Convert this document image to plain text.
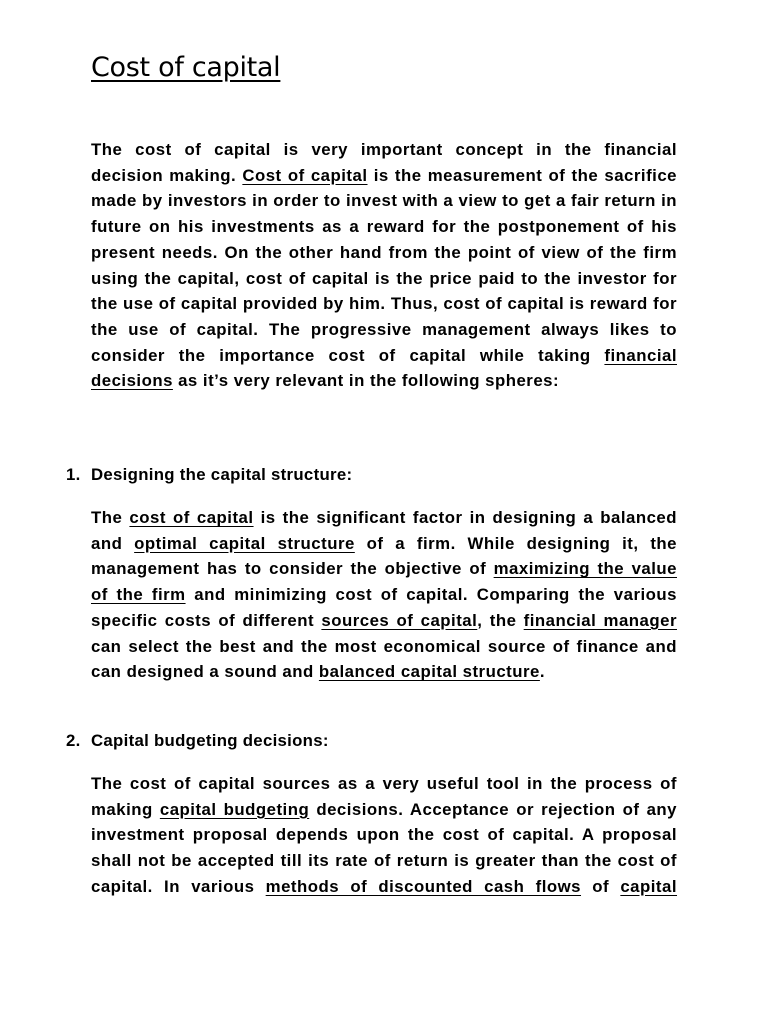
Cost of capital

The cost of capital is very important concept in the financial decision making. Cost of capital is the measurement of the sacrifice made by investors in order to invest with a view to get a fair return in future on his investments as a reward for the postponement of his present needs. On the other hand from the point of view of the firm using the capital, cost of capital is the price paid to the investor for the use of capital provided by him. Thus, cost of capital is reward for the use of capital. The progressive management always likes to consider the importance cost of capital while taking financial decisions as it’s very relevant in the following spheres:

1. Designing the capital structure:

The cost of capital is the significant factor in designing a balanced and optimal capital structure of a firm. While designing it, the management has to consider the objective of maximizing the value of the firm and minimizing cost of capital. Comparing the various specific costs of different sources of capital, the financial manager can select the best and the most economical source of finance and can designed a sound and balanced capital structure.

2. Capital budgeting decisions:

The cost of capital sources as a very useful tool in the process of making capital budgeting decisions. Acceptance or rejection of any investment proposal depends upon the cost of capital. A proposal shall not be accepted till its rate of return is greater than the cost of capital. In various methods of discounted cash flows of capital
